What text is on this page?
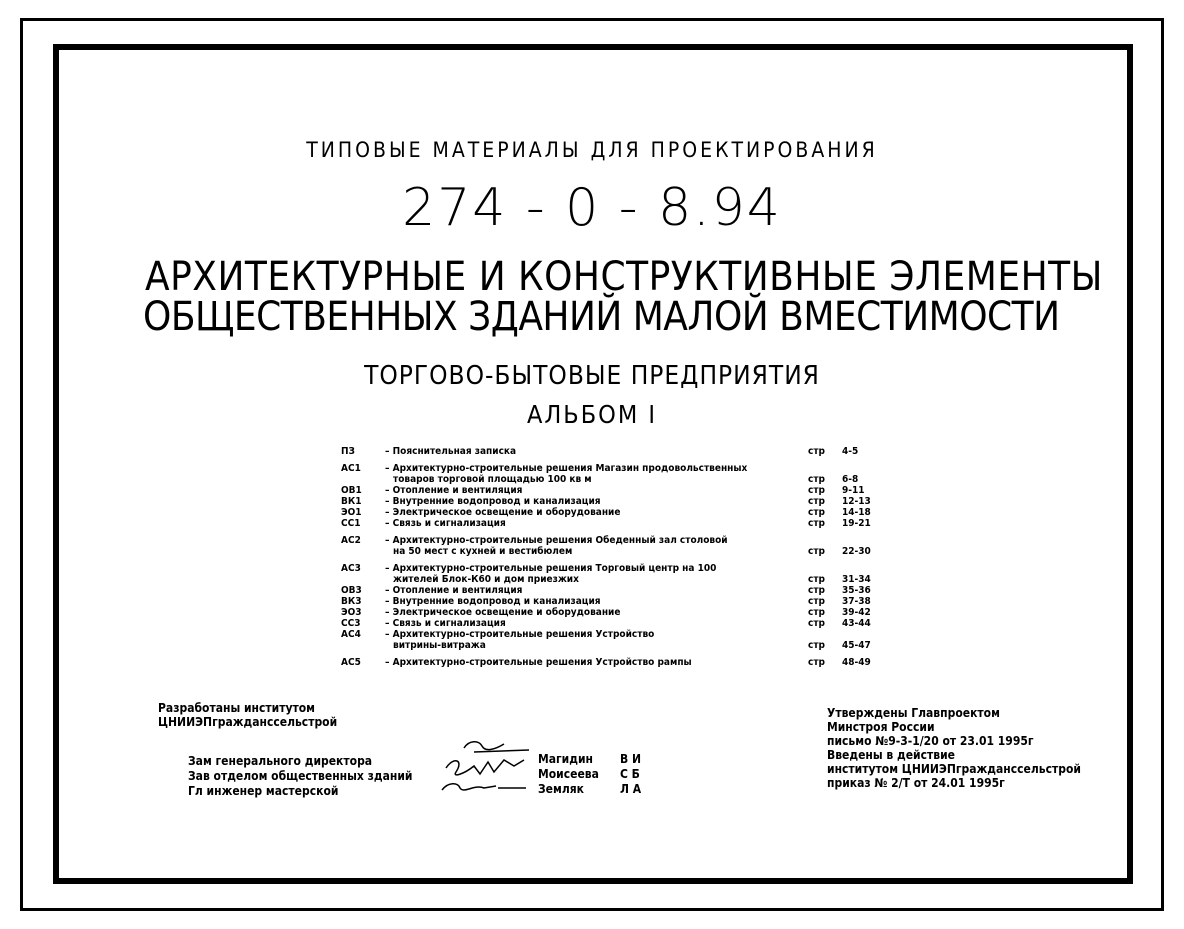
ТИПОВЫЕ МАТЕРИАЛЫ ДЛЯ ПРОЕКТИРОВАНИЯ
274 - 0 - 8.94
АРХИТЕКТУРНЫЕ И КОНСТРУКТИВНЫЕ ЭЛЕМЕНТЫ
ОБЩЕСТВЕННЫХ ЗДАНИЙ МАЛОЙ ВМЕСТИМОСТИ
ТОРГОВО-БЫТОВЫЕ ПРЕДПРИЯТИЯ
АЛЬБОМ I
ПЗ	– Пояснительная записка	стр 4-5
АС1	– Архитектурно-строительные решения Магазин продовольственных
товаров торговой площадью 100 кв м	стр 6-8
ОВ1	– Отопление и вентиляция	стр 9-11
ВК1	– Внутренние водопровод и канализация	стр 12-13
ЭО1	– Электрическое освещение и оборудование	стр 14-18
СС1	– Связь и сигнализация	стр 19-21
АС2	– Архитектурно-строительные решения Обеденный зал столовой
на 50 мест с кухней и вестибюлем	стр 22-30
АС3	– Архитектурно-строительные решения Торговый центр на 100
жителей Блок-К60 и дом приезжих	стр 31-34
ОВ3	– Отопление и вентиляция	стр 35-36
ВК3	– Внутренние водопровод и канализация	стр 37-38
ЭО3	– Электрическое освещение и оборудование	стр 39-42
СС3	– Связь и сигнализация	стр 43-44
АС4	– Архитектурно-строительные решения Устройство
витрины-витража	стр 45-47
АС5	– Архитектурно-строительные решения Устройство рампы	стр 48-49
Разработаны институтом
ЦНИИЭПгражданссельстрой
Зам генерального директора
Зав отделом общественных зданий
Гл инженер мастерской
Магидин В И
Моисеева С Б
Земляк	Л А
Утверждены Главпроектом
Минстроя России
письмо №9-3-1/20 от 23.01 1995г
Введены в действие
институтом ЦНИИЭПгражданссельстрой
приказ № 2/Т от 24.01 1995г
